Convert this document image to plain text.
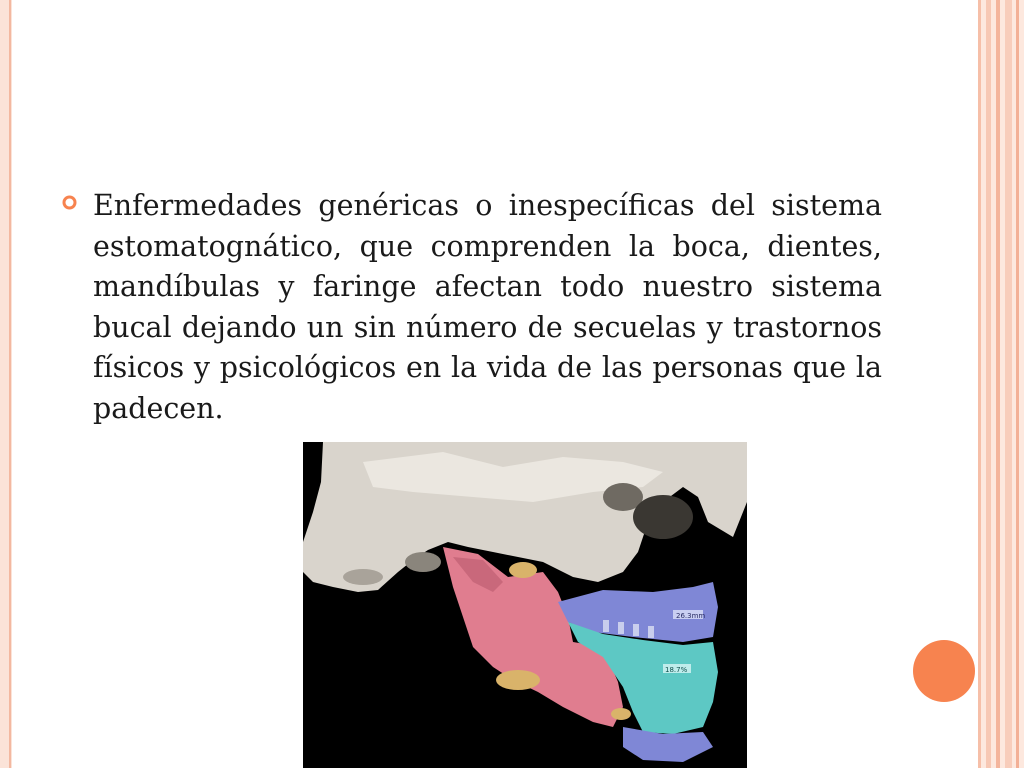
Enfermedades genéricas o inespecíficas del sistema estomatognático, que comprenden la boca, dientes, mandíbulas y faringe afectan todo nuestro sistema bucal dejando un sin número de secuelas y trastornos físicos y psicológicos en la vida de las personas que la padecen.
26.3mm
18.7%
